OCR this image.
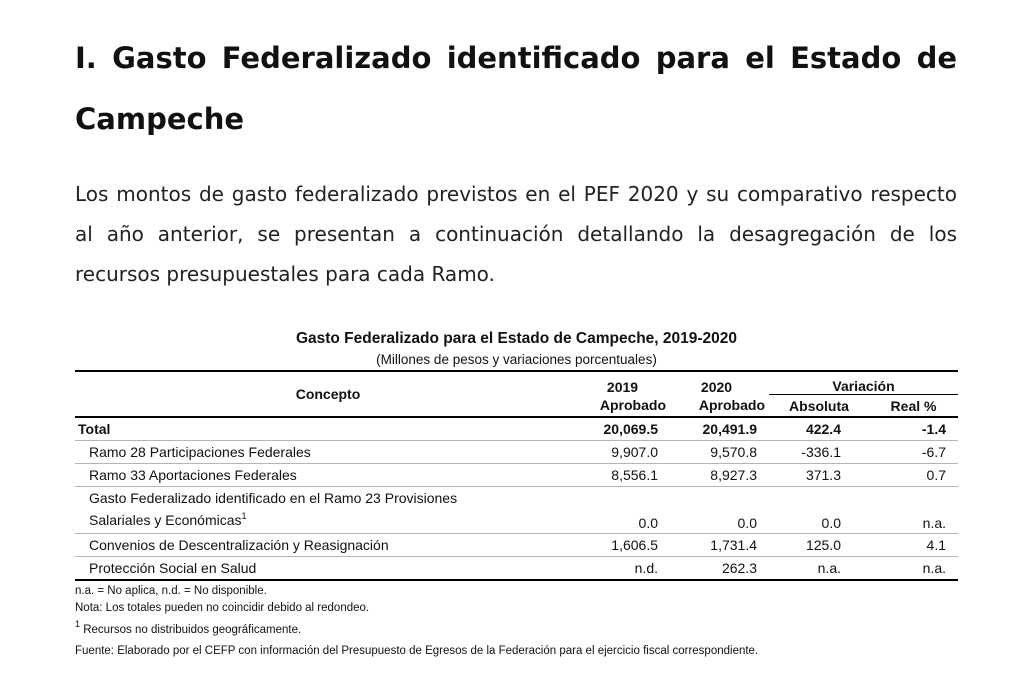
I. Gasto Federalizado identificado para el Estado de Campeche

Los montos de gasto federalizado previstos en el PEF 2020 y su comparativo respecto al año anterior, se presentan a continuación detallando la desagregación de los recursos presupuestales para cada Ramo.

Gasto Federalizado para el Estado de Campeche, 2019-2020
(Millones de pesos y variaciones porcentuales)
Concepto	2019	2020	Variación	
	Aprobado	Aprobado	Absoluta	Real %
Total	20,069.5	20,491.9	422.4	-1.4
Ramo 28 Participaciones Federales	9,907.0	9,570.8	-336.1	-6.7
Ramo 33 Aportaciones Federales	8,556.1	8,927.3	371.3	0.7
Gasto Federalizado identificado en el Ramo 23 Provisiones Salariales y Económicas$^1$	0.0	0.0	0.0	n.a.
Convenios de Descentralización y Reasignación	1,606.5	1,731.4	125.0	4.1
Protección Social en Salud	n.d.	262.3	n.a.	n.a.
n.a. = No aplica, n.d. = No disponible.
Nota: Los totales pueden no coincidir debido al redondeo.
$^1$ Recursos no distribuidos geográficamente.
Fuente: Elaborado por el CEFP con información del Presupuesto de Egresos de la Federación para el ejercicio fiscal correspondiente.
